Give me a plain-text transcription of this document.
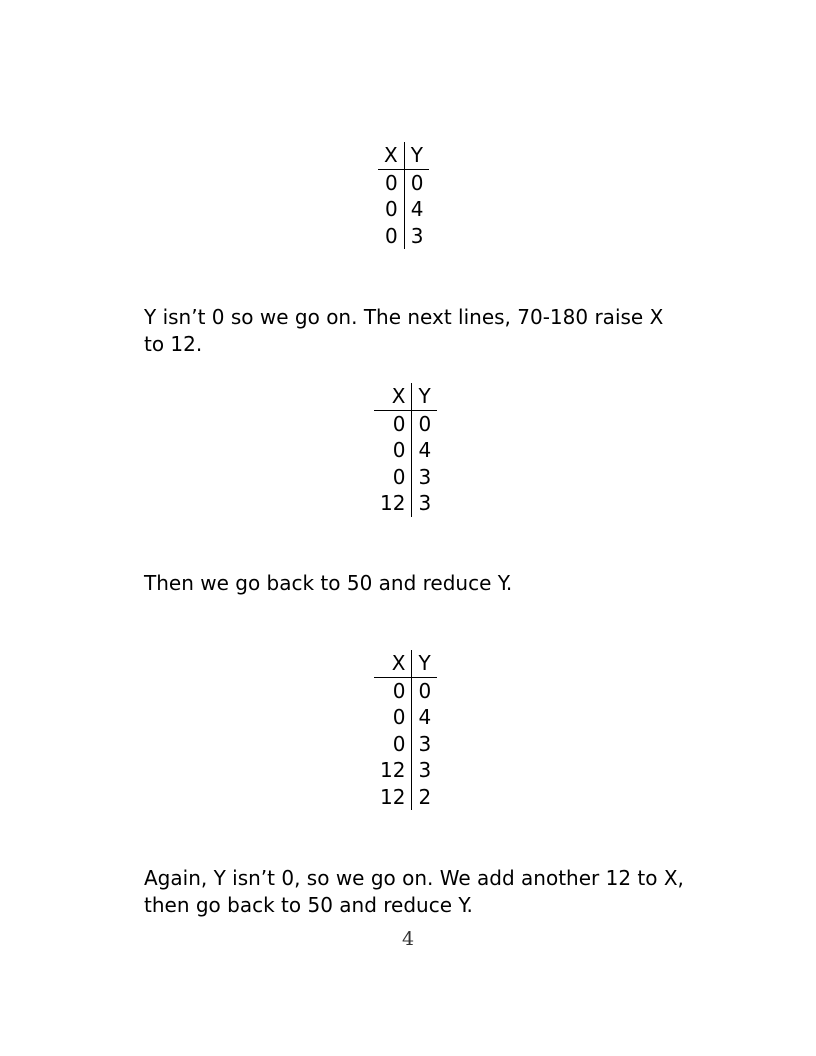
X	Y
0	0
0	4
0	3

Y isn’t 0 so we go on. The next lines, 70-180 raise X to 12.

X	Y
0	0
0	4
0	3
12	3

Then we go back to 50 and reduce Y.

X	Y
0	0
0	4
0	3
12	3
12	2

Again, Y isn’t 0, so we go on. We add another 12 to X, then go back to 50 and reduce Y.

4
